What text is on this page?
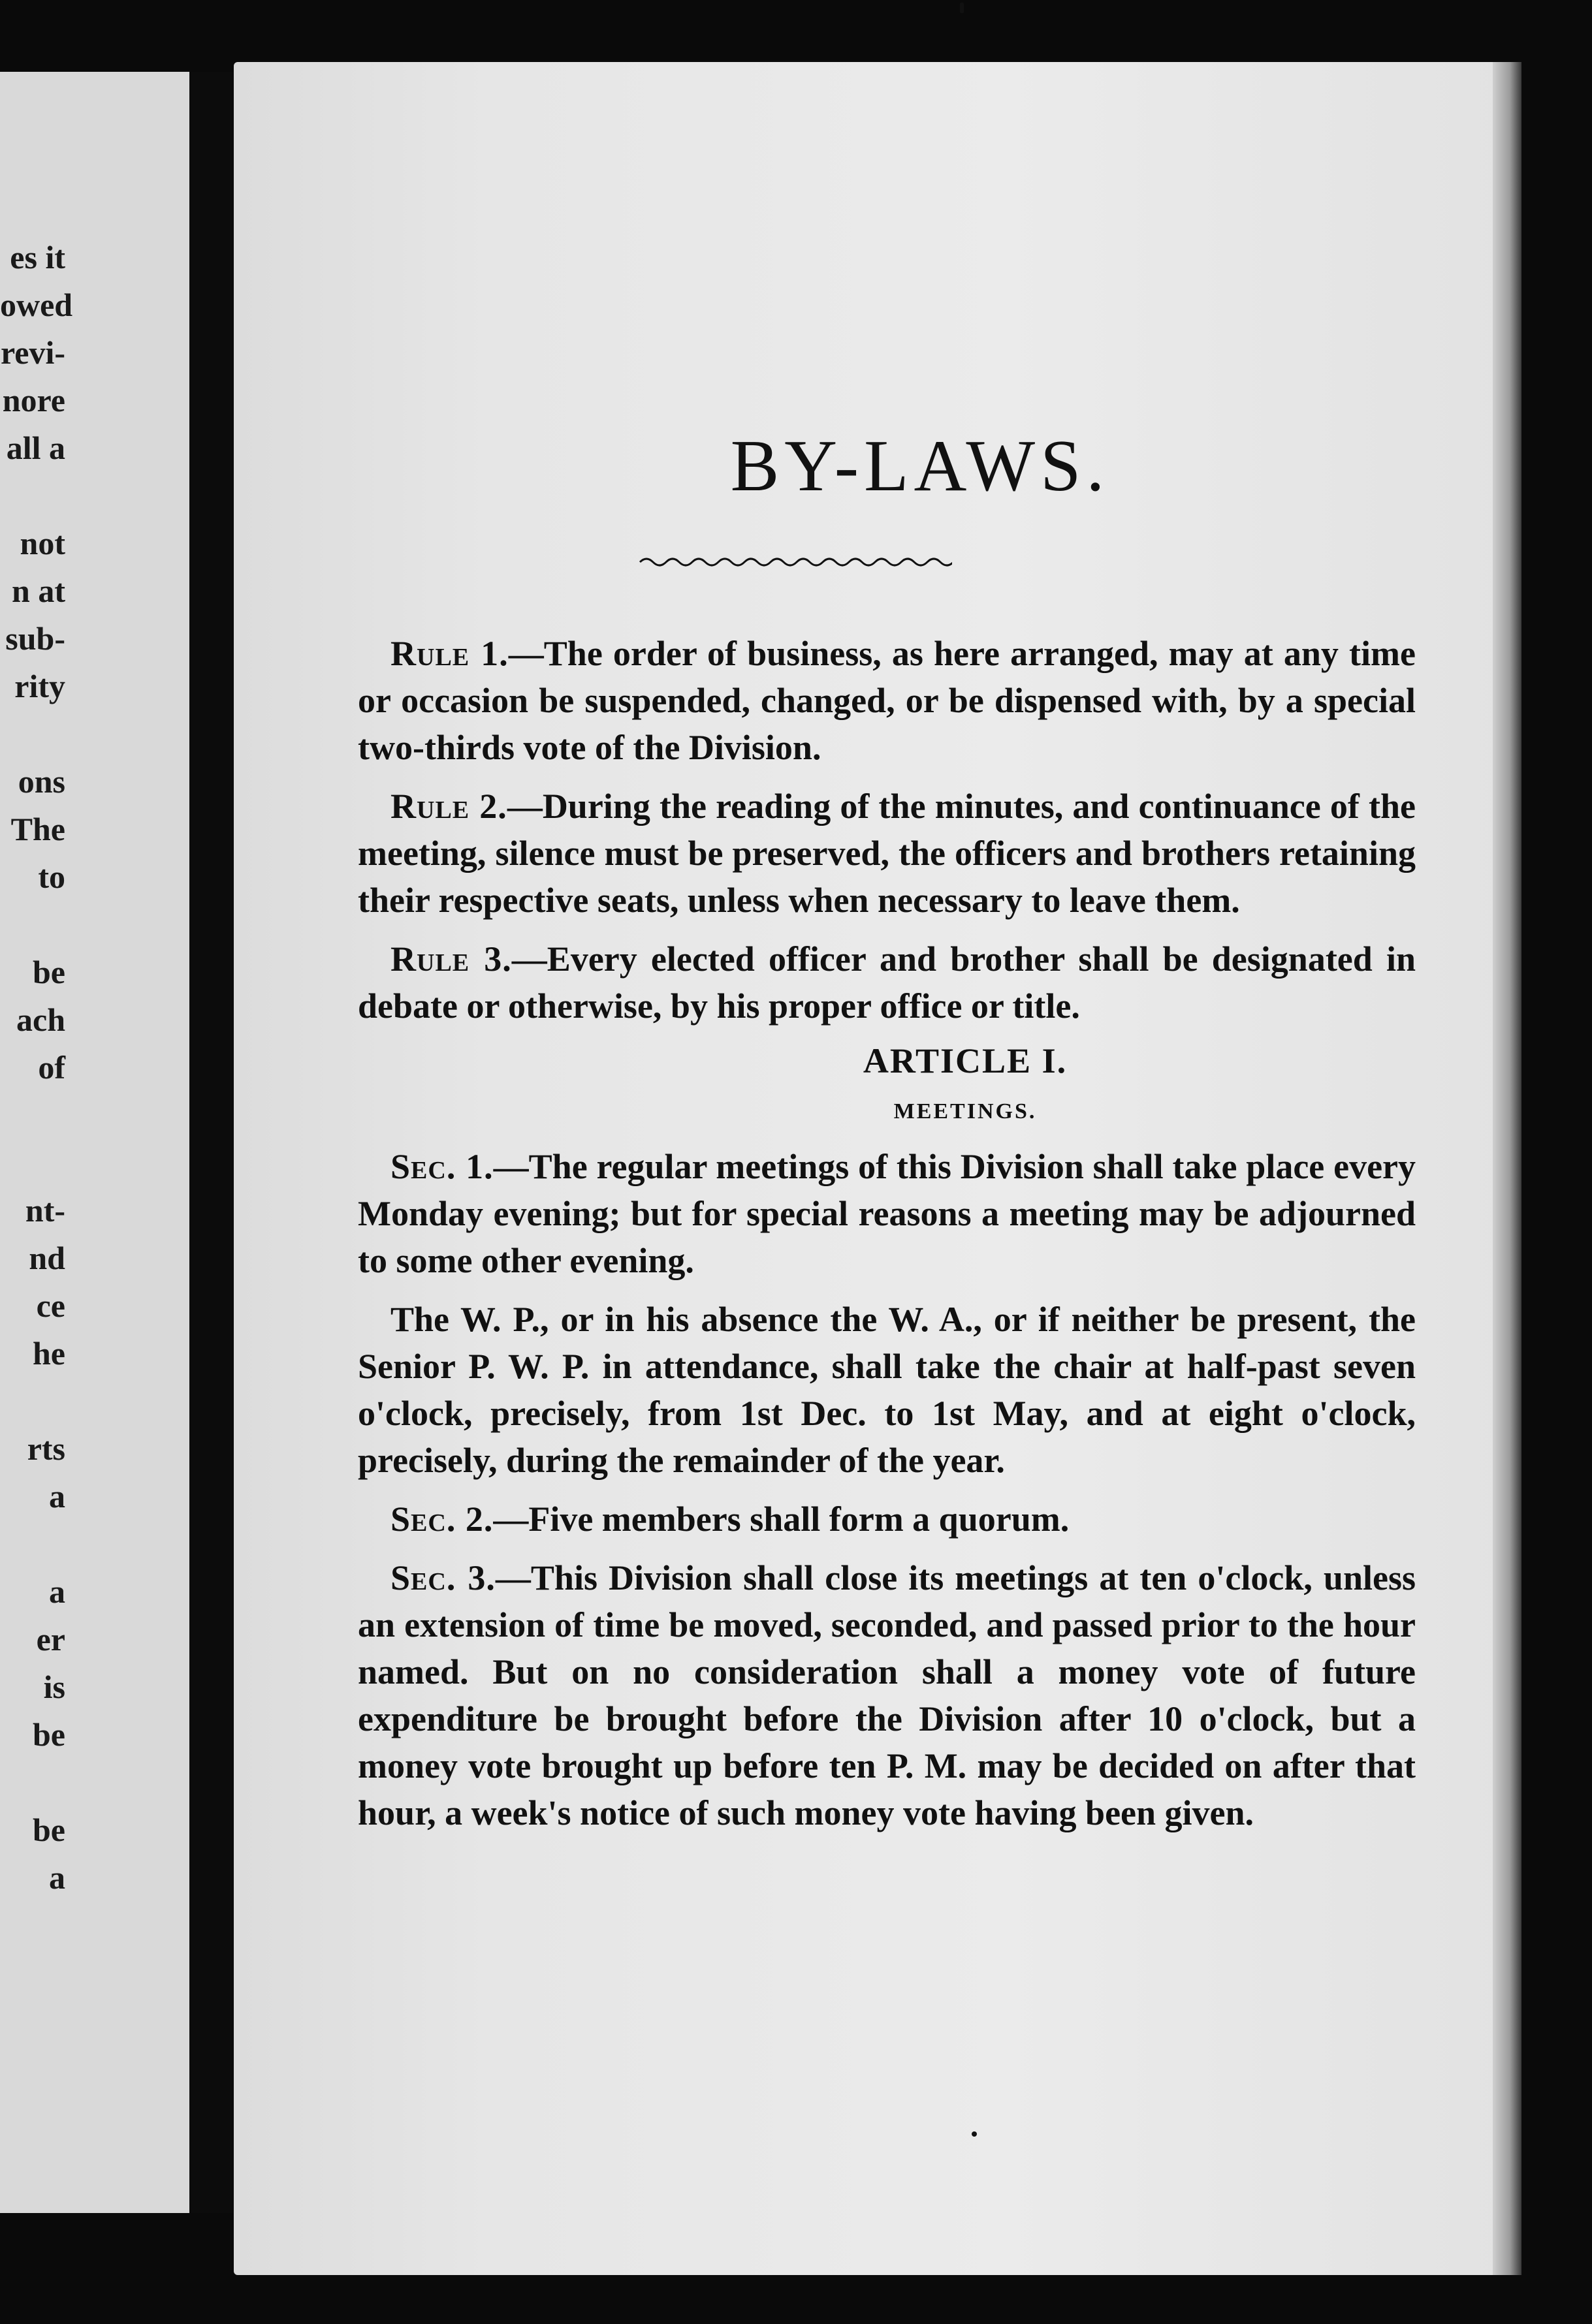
es it
owed
revi-
nore
all a
not
n at
sub-
rity
ons
The
to
be
ach
of
nt-
nd
ce
he
rts
a
a
er
is
be
be
a
BY-LAWS.

Rule 1.—The order of business, as here arranged, may at any time or occasion be suspended, changed, or be dispensed with, by a special two-thirds vote of the Division.

Rule 2.—During the reading of the minutes, and continuance of the meeting, silence must be preserved, the officers and brothers retaining their respective seats, unless when necessary to leave them.

Rule 3.—Every elected officer and brother shall be designated in debate or otherwise, by his proper office or title.

ARTICLE I.
MEETINGS.

Sec. 1.—The regular meetings of this Division shall take place every Monday evening; but for special reasons a meeting may be adjourned to some other evening.

The W. P., or in his absence the W. A., or if neither be present, the Senior P. W. P. in attendance, shall take the chair at half-past seven o'clock, precisely, from 1st Dec. to 1st May, and at eight o'clock, precisely, during the remainder of the year.

Sec. 2.—Five members shall form a quorum.

Sec. 3.—This Division shall close its meetings at ten o'clock, unless an extension of time be moved, seconded, and passed prior to the hour named. But on no consideration shall a money vote of future expenditure be brought before the Division after 10 o'clock, but a money vote brought up before ten P. M. may be decided on after that hour, a week's notice of such money vote having been given.
